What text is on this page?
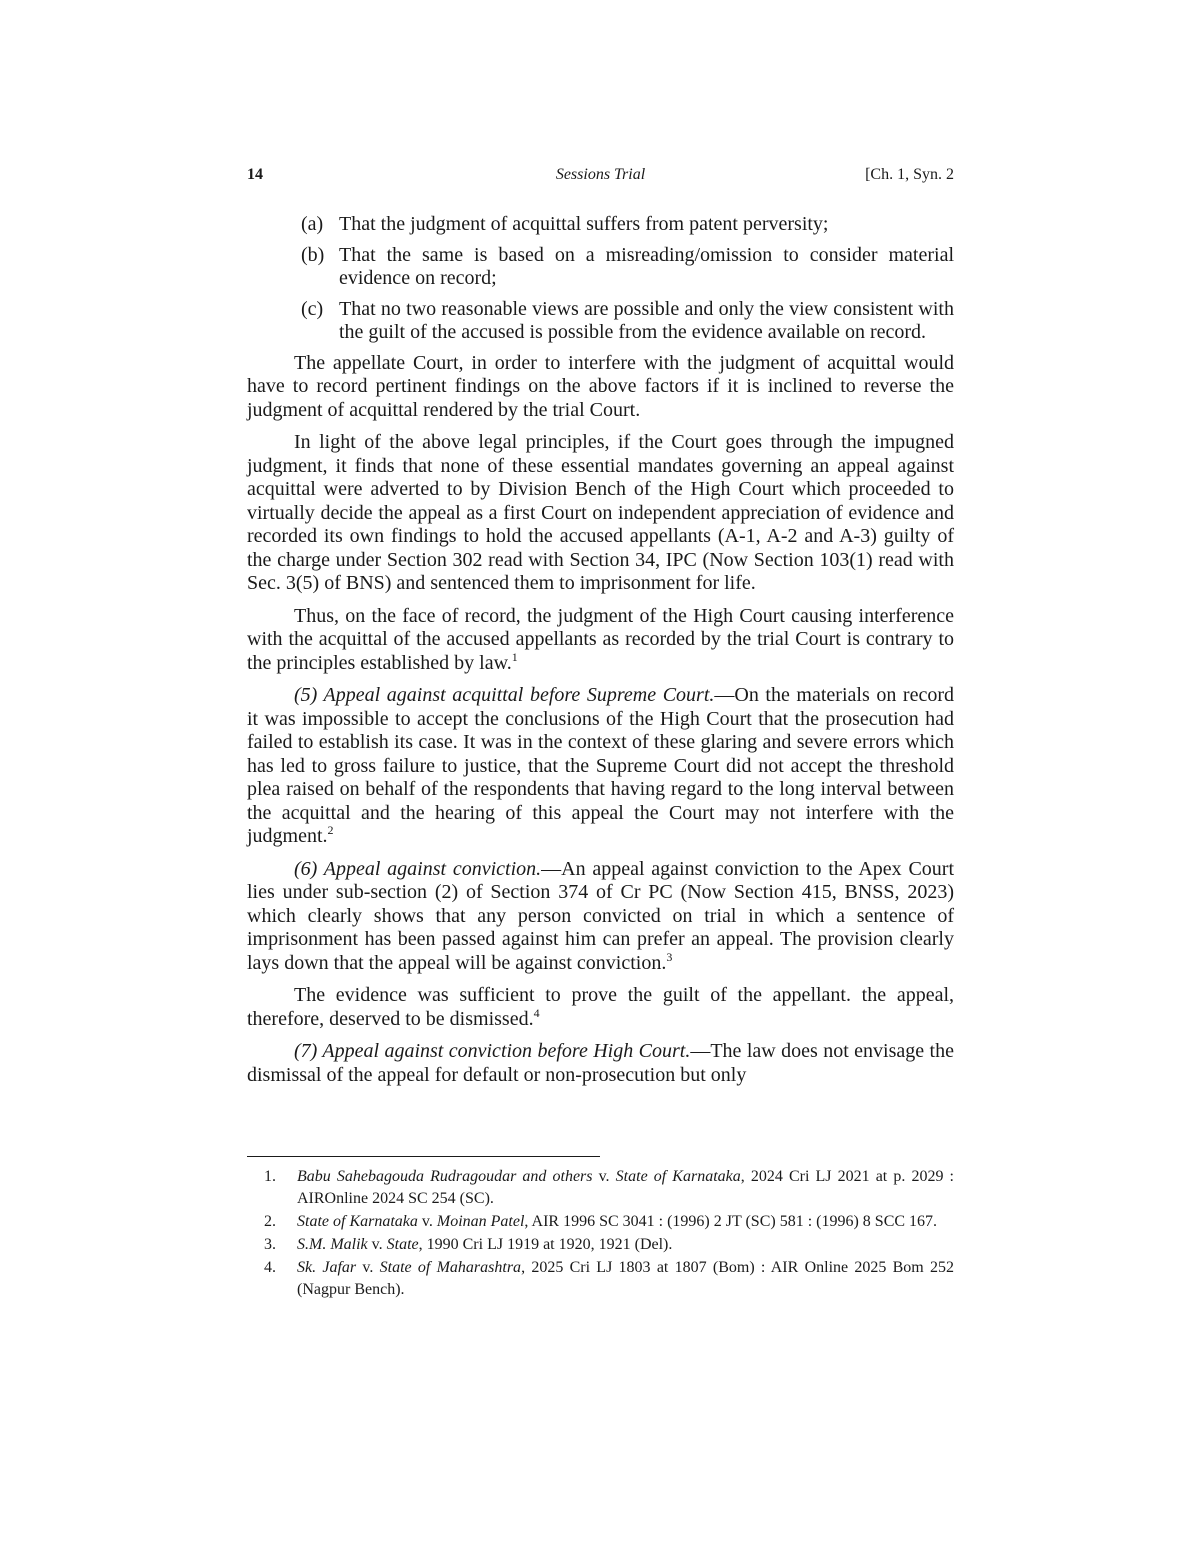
14	Sessions Trial	[Ch. 1, Syn. 2
(a) That the judgment of acquittal suffers from patent perversity;
(b) That the same is based on a misreading/omission to consider material evidence on record;
(c) That no two reasonable views are possible and only the view consistent with the guilt of the accused is possible from the evidence available on record.

The appellate Court, in order to interfere with the judgment of acquittal would have to record pertinent findings on the above factors if it is inclined to reverse the judgment of acquittal rendered by the trial Court.

In light of the above legal principles, if the Court goes through the impugned judgment, it finds that none of these essential mandates governing an appeal against acquittal were adverted to by Division Bench of the High Court which proceeded to virtually decide the appeal as a first Court on independent appreciation of evidence and recorded its own findings to hold the accused appellants (A-1, A-2 and A-3) guilty of the charge under Section 302 read with Section 34, IPC (Now Section 103(1) read with Sec. 3(5) of BNS) and sentenced them to imprisonment for life.

Thus, on the face of record, the judgment of the High Court causing interference with the acquittal of the accused appellants as recorded by the trial Court is contrary to the principles established by law.$^1$

(5) Appeal against acquittal before Supreme Court.—On the materials on record it was impossible to accept the conclusions of the High Court that the prosecution had failed to establish its case. It was in the context of these glaring and severe errors which has led to gross failure to justice, that the Supreme Court did not accept the threshold plea raised on behalf of the respondents that having regard to the long interval between the acquittal and the hearing of this appeal the Court may not interfere with the judgment.$^2$

(6) Appeal against conviction.—An appeal against conviction to the Apex Court lies under sub-section (2) of Section 374 of Cr PC (Now Section 415, BNSS, 2023) which clearly shows that any person convicted on trial in which a sentence of imprisonment has been passed against him can prefer an appeal. The provision clearly lays down that the appeal will be against conviction.$^3$

The evidence was sufficient to prove the guilt of the appellant. the appeal, therefore, deserved to be dismissed.$^4$

(7) Appeal against conviction before High Court.—The law does not envisage the dismissal of the appeal for default or non-prosecution but only

1.	Babu Sahebagouda Rudragoudar and others v. State of Karnataka, 2024 Cri LJ 2021 at p. 2029 : AIROnline 2024 SC 254 (SC).
2.	State of Karnataka v. Moinan Patel, AIR 1996 SC 3041 : (1996) 2 JT (SC) 581 : (1996) 8 SCC 167.
3.	S.M. Malik v. State, 1990 Cri LJ 1919 at 1920, 1921 (Del).
4.	Sk. Jafar v. State of Maharashtra, 2025 Cri LJ 1803 at 1807 (Bom) : AIR Online 2025 Bom 252 (Nagpur Bench).
